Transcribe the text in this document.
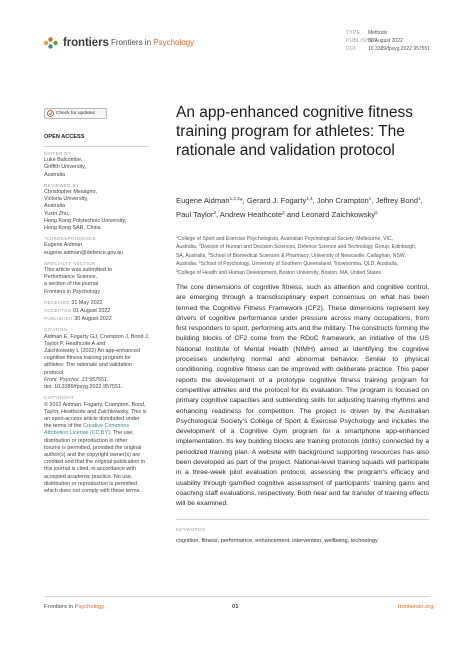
frontiers Frontiers in Psychology
TYPE Methods
PUBLISHED30 August 2022
DOI 10.3389/fpsyg.2022.957551
Check for updates
OPEN ACCESS
EDITED BY
Luke Balcombe,
Griffith University,
Australia
REVIEWED BY
Christopher Mesagno,
Victoria University,
Australia
Yuxin Zhu,
Hong Kong Polytechnic University,
Hong Kong SAR, China
*CORRESPONDENCE
Eugene Aidman
eugene.aidman@defence.gov.au
SPECIALTY SECTION
This article was submitted to
Performance Science,
a section of the journal
Frontiers in Psychology
RECEIVED 31 May 2022
ACCEPTED 01 August 2022
PUBLISHED 30 August 2022
CITATION
Aidman E, Fogarty GJ, Crampton J, Bond J,
Taylor P, Heathcote A and
Zaichkowsky L (2022) An app-enhanced
cognitive fitness training program for
athletes: The rationale and validation
protocol.
Front. Psychol. 13:957551.
doi: 10.3389/fpsyg.2022.957551.
COPYRIGHT
© 2022 Aidman, Fogarty, Crampton, Bond,
Taylor, Heathcote and Zaichkowsky. This is
an open-access article distributed under
the terms of the Creative Commons
Attribution License (CC BY). The use,
distribution or reproduction in other
forums is permitted, provided the original
author(s) and the copyright owner(s) are
credited and that the original publication in
this journal is cited, in accordance with
accepted academic practice. No use,
distribution or reproduction is permitted
which does not comply with these terms.
An app-enhanced cognitive fitness training program for athletes: The rationale and validation protocol
Eugene Aidman$^{1,2,3}$*, Gerard J. Fogarty$^{1,4}$, John Crampton$^1$, Jeffrey Bond$^1$, Paul Taylor$^3$, Andrew Heathcote$^2$ and Leonard Zaichkowsky$^5$
$^1$College of Sport and Exercise Psychologists, Australian Psychological Society, Melbourne, VIC,
Australia, $^2$Division of Human and Decision Sciences, Defence Science and Technology Group, Edinburgh,
SA, Australia, $^3$School of Biomedical Sciences & Pharmacy, University of Newcastle, Callaghan, NSW,
Australia, $^4$School of Psychology, University of Southern Queensland, Toowoomba, QLD, Australia,
$^5$College of Health and Human Development, Boston University, Boston, MA, United States
The core dimensions of cognitive fitness, such as attention and cognitive control, are emerging through a transdisciplinary expert consensus on what has been termed the Cognitive Fitness Framework (CF2). These dimensions represent key drivers of cognitive performance under pressure across many occupations, from first responders to sport, performing arts and the military. The constructs forming the building blocks of CF2 come from the RDoC framework, an initiative of the US National Institute of Mental Health (NIMH) aimed at identifying the cognitive processes underlying normal and abnormal behavior. Similar to physical conditioning, cognitive fitness can be improved with deliberate practice. This paper reports the development of a prototype cognitive fitness training program for competitive athletes and the protocol for its evaluation. The program is focused on primary cognitive capacities and subtending skills for adjusting training rhythms and enhancing readiness for competition. The project is driven by the Australian Psychological Society's College of Sport & Exercise Psychology and includes the development of a Cognitive Gym program for a smartphone app-enhanced implementation. Its key building blocks are training protocols (drills) connected by a periodized training plan. A website with background supporting resources has also been developed as part of the project. National-level training squads will participate in a three-week pilot evaluation protocol, assessing the program's efficacy and usability through gamified cognitive assessment of participants' training gains and coaching staff evaluations, respectively. Both near and far transfer of training effects will be examined.
KEYWORDS
cognition, fitness, performance, enhancement, intervention, wellbeing, technology
Frontiers in Psychology	01	frontiersin.org
